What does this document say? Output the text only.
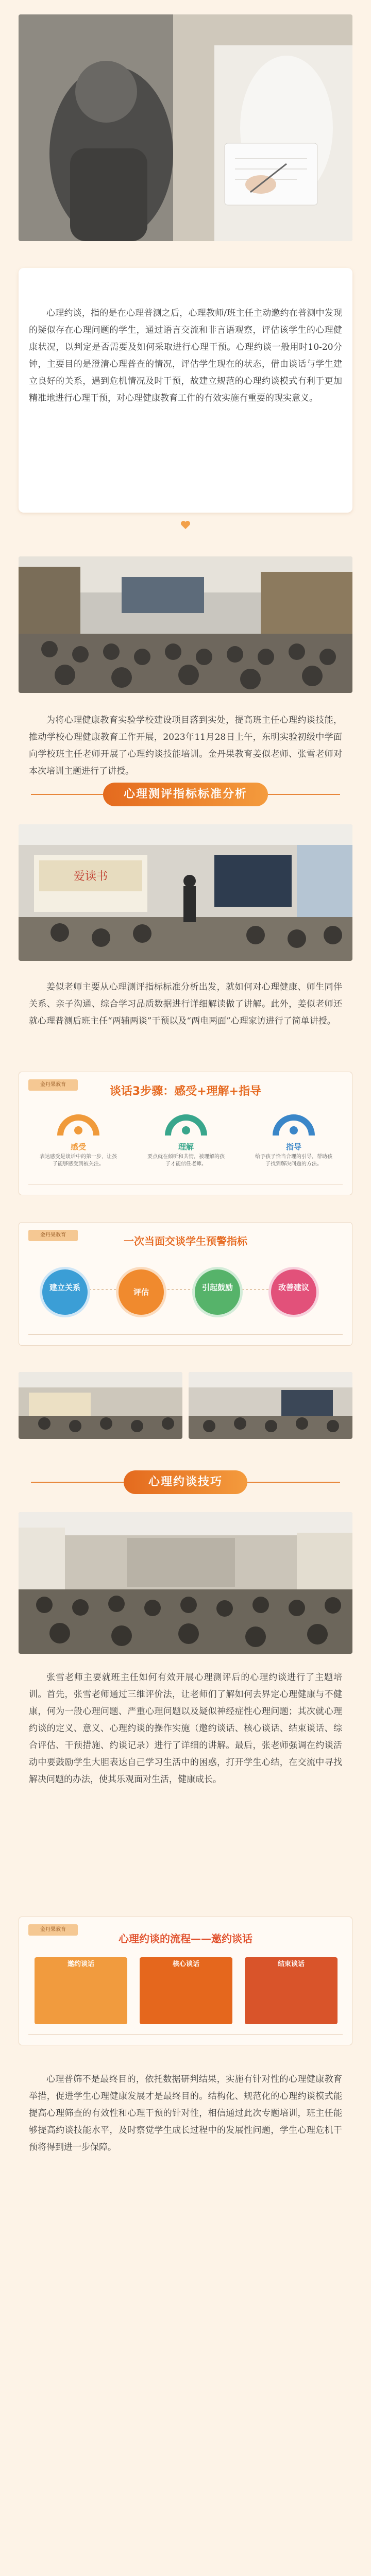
心理约谈，指的是在心理普测之后，心理教师/班主任主动邀约在普测中发现的疑似存在心理问题的学生，通过语言交流和非言语观察，评估该学生的心理健康状况，以判定是否需要及如何采取进行心理干预。心理约谈一般用时10-20分钟，主要目的是澄清心理普查的情况，评估学生现在的状态，借由谈话与学生建立良好的关系，遇到危机情况及时干预，故建立规范的心理约谈模式有利于更加精准地进行心理干预，对心理健康教育工作的有效实施有重要的现实意义。

为将心理健康教育实验学校建设项目落到实处，提高班主任心理约谈技能，推动学校心理健康教育工作开展，2023年11月28日上午，东明实验初级中学面向学校班主任老师开展了心理约谈技能培训。金丹果教育姜似老师、张雪老师对本次培训主题进行了讲授。

心理测评指标标准分析
爱读书

姜似老师主要从心理测评指标标准分析出发，就如何对心理健康、师生同伴关系、亲子沟通、综合学习品质数据进行详细解读做了讲解。此外，姜似老师还就心理普测后班主任“两辅两谈”干预以及“两电两面”心理家访进行了简单讲授。

金丹果教育
谈话3步骤：感受+理解+指导
感受	理解	指导
表达感受是谈话中的第一步，让孩子能够感受到被关注。
要点就在倾听和共情，被理解的孩子才能信任老师。
给予孩子恰当合理的引导，帮助孩子找到解决问题的方法。
金丹果教育	一次当面交谈学生预警指标
建立关系	评估	引起鼓励	改善建议
心理约谈技巧

张雪老师主要就班主任如何有效开展心理测评后的心理约谈进行了主题培训。首先，张雪老师通过三维评价法，让老师们了解如何去界定心理健康与不健康，何为一般心理问题、严重心理问题以及疑似神经症性心理问题；其次就心理约谈的定义、意义、心理约谈的操作实施（邀约谈话、核心谈话、结束谈话、综合评估、干预措施、约谈记录）进行了详细的讲解。最后，张老师强调在约谈活动中要鼓励学生大胆表达自己学习生活中的困惑，打开学生心结，在交流中寻找解决问题的办法，使其乐观面对生活，健康成长。

金丹果教育
心理约谈的流程——邀约谈话
邀约谈话	核心谈话	结束谈话

心理普筛不是最终目的，依托数据研判结果，实施有针对性的心理健康教育举措，促进学生心理健康发展才是最终目的。结构化、规范化的心理约谈模式能提高心理筛查的有效性和心理干预的针对性，相信通过此次专题培训，班主任能够提高约谈技能水平，及时察觉学生成长过程中的发展性问题，学生心理危机干预将得到进一步保障。
